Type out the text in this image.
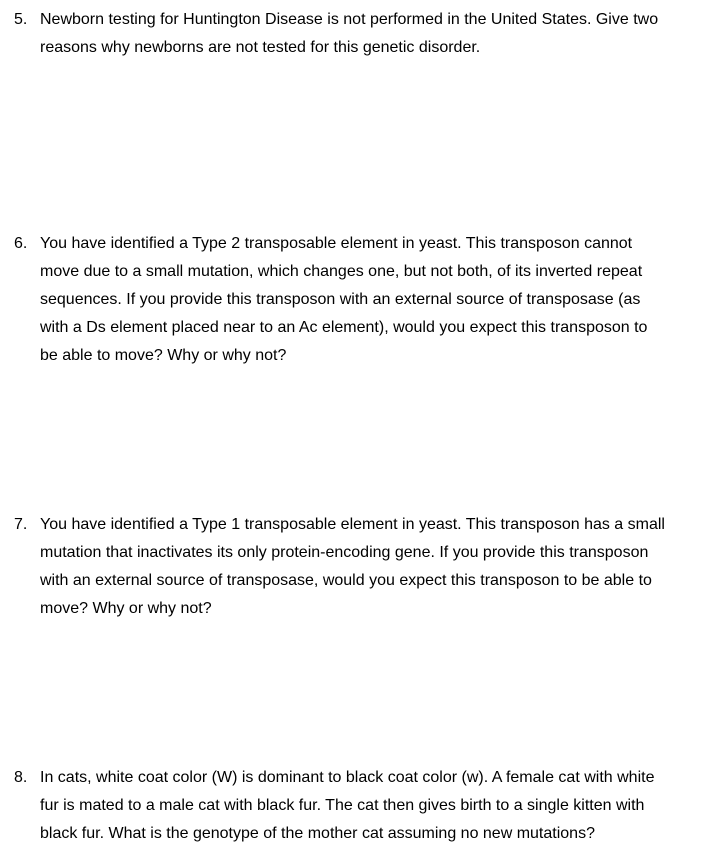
5. Newborn testing for Huntington Disease is not performed in the United States. Give two
reasons why newborns are not tested for this genetic disorder.
6. You have identified a Type 2 transposable element in yeast. This transposon cannot
move due to a small mutation, which changes one, but not both, of its inverted repeat
sequences. If you provide this transposon with an external source of transposase (as
with a Ds element placed near to an Ac element), would you expect this transposon to
be able to move? Why or why not?
7. You have identified a Type 1 transposable element in yeast. This transposon has a small
mutation that inactivates its only protein-encoding gene. If you provide this transposon
with an external source of transposase, would you expect this transposon to be able to
move? Why or why not?
8. In cats, white coat color (W) is dominant to black coat color (w). A female cat with white
fur is mated to a male cat with black fur. The cat then gives birth to a single kitten with
black fur. What is the genotype of the mother cat assuming no new mutations?
